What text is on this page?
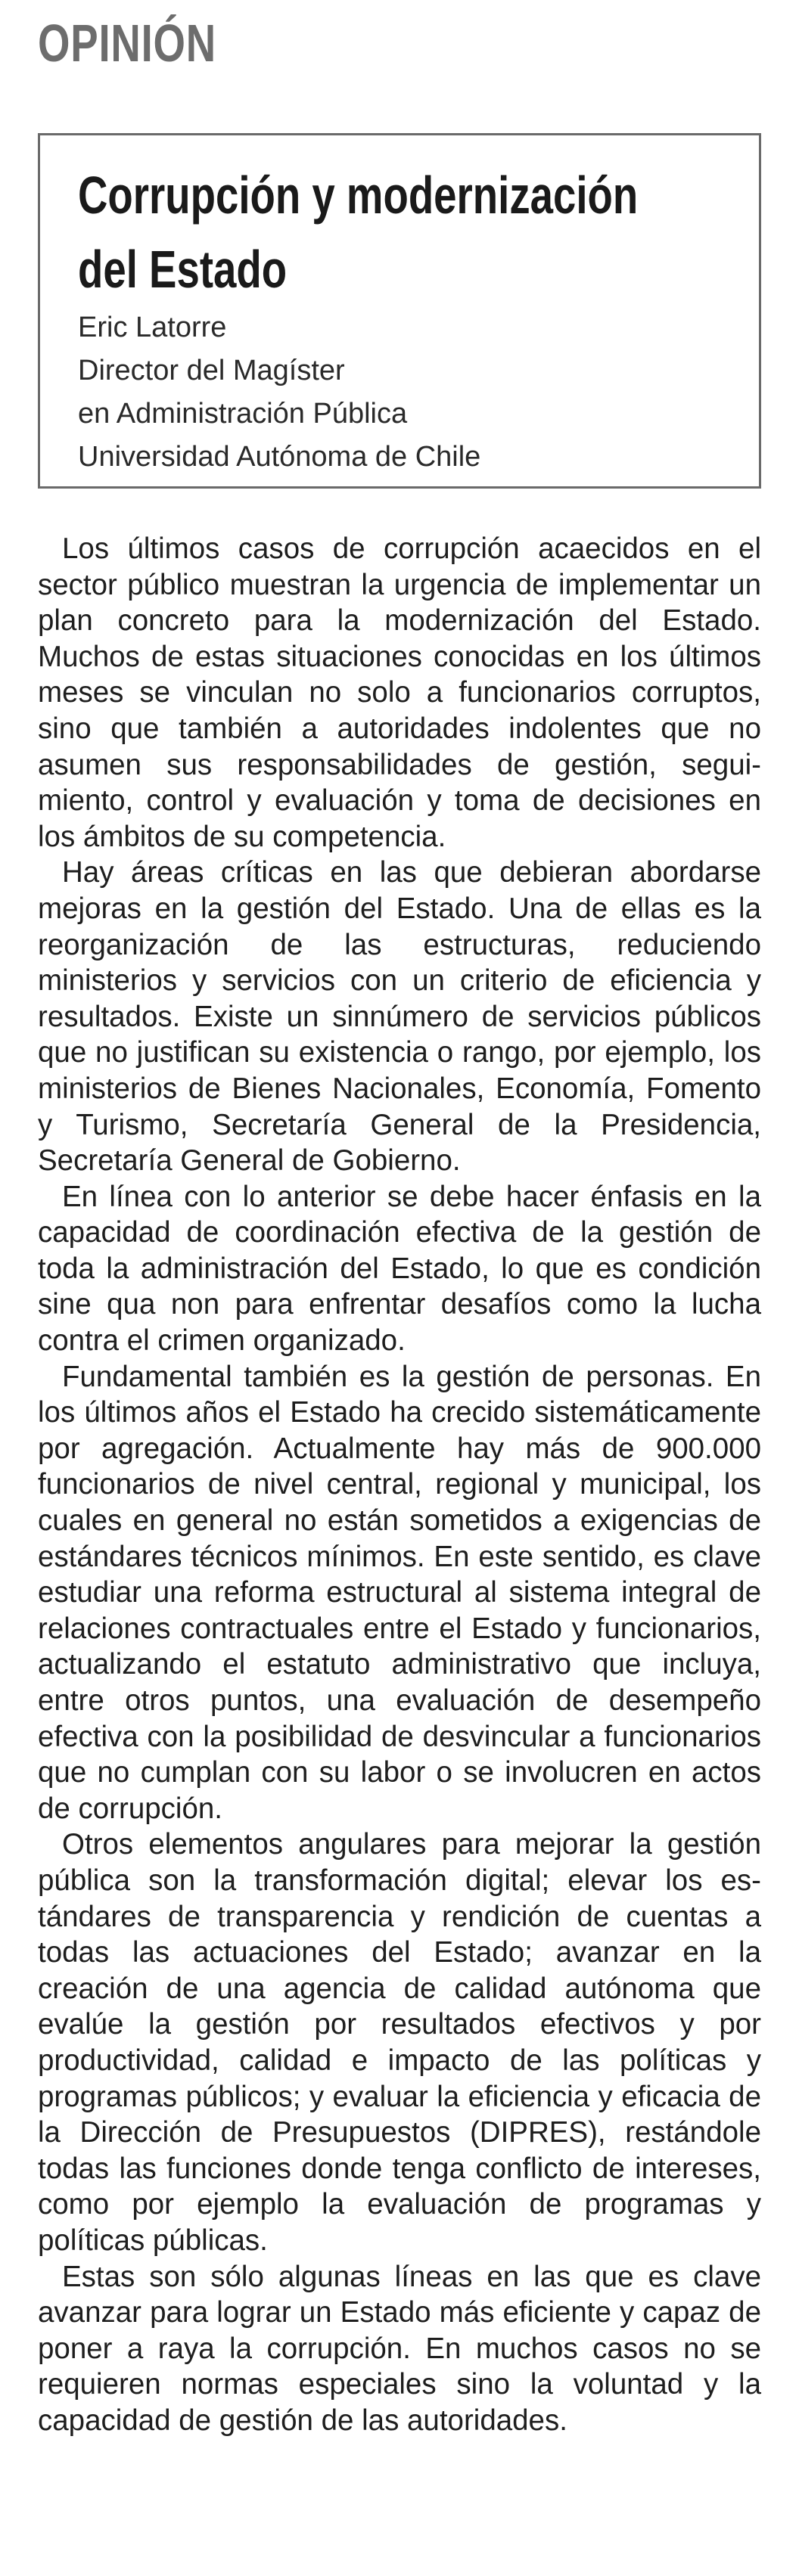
OPINIÓN
Corrupción y modernización del Estado
Eric Latorre
Director del Magíster
en Administración Pública
Universidad Autónoma de Chile

Los últimos casos de corrupción acaecidos en el sector público muestran la urgencia de implementar un plan concreto para la modernización del Estado. Muchos de estas situaciones conocidas en los últimos meses se vinculan no solo a funcionarios corruptos, sino que también a autoridades indolentes que no asumen sus responsabilidades de gestión, seguimiento, control y evaluación y toma de decisiones en los ámbitos de su competencia.

Hay áreas críticas en las que debieran abordarse mejoras en la gestión del Estado. Una de ellas es la reorganización de las estructuras, reduciendo ministerios y servicios con un criterio de eficiencia y resultados. Existe un sinnúmero de servicios públicos que no justifican su existencia o rango, por ejemplo, los ministerios de Bienes Nacionales, Economía, Fomento y Turismo, Secretaría General de la Presidencia, Secretaría General de Gobierno.

En línea con lo anterior se debe hacer énfasis en la capacidad de coordinación efectiva de la gestión de toda la administración del Estado, lo que es condición sine qua non para enfrentar desafíos como la lucha contra el crimen organizado.

Fundamental también es la gestión de personas. En los últimos años el Estado ha crecido sistemáticamente por agregación. Actualmente hay más de 900.000 funcionarios de nivel central, regional y municipal, los cuales en general no están sometidos a exigencias de estándares técnicos mínimos. En este sentido, es clave estudiar una reforma estructural al sistema integral de relaciones contractuales entre el Estado y funcionarios, actualizando el estatuto administrativo que incluya, entre otros puntos, una evaluación de desempeño efectiva con la posibilidad de desvincular a funcionarios que no cumplan con su labor o se involucren en actos de corrupción.

Otros elementos angulares para mejorar la gestión pública son la transformación digital; elevar los estándares de transparencia y rendición de cuentas a todas las actuaciones del Estado; avanzar en la creación de una agencia de calidad autónoma que evalúe la gestión por resultados efectivos y por productividad, calidad e impacto de las políticas y programas públicos; y evaluar la eficiencia y eficacia de la Dirección de Presupuestos (DIPRES), restándole todas las funciones donde tenga conflicto de intereses, como por ejemplo la evaluación de programas y políticas públicas.

Estas son sólo algunas líneas en las que es clave avanzar para lograr un Estado más eficiente y capaz de poner a raya la corrupción. En muchos casos no se requieren normas especiales sino la voluntad y la capacidad de gestión de las autoridades.
